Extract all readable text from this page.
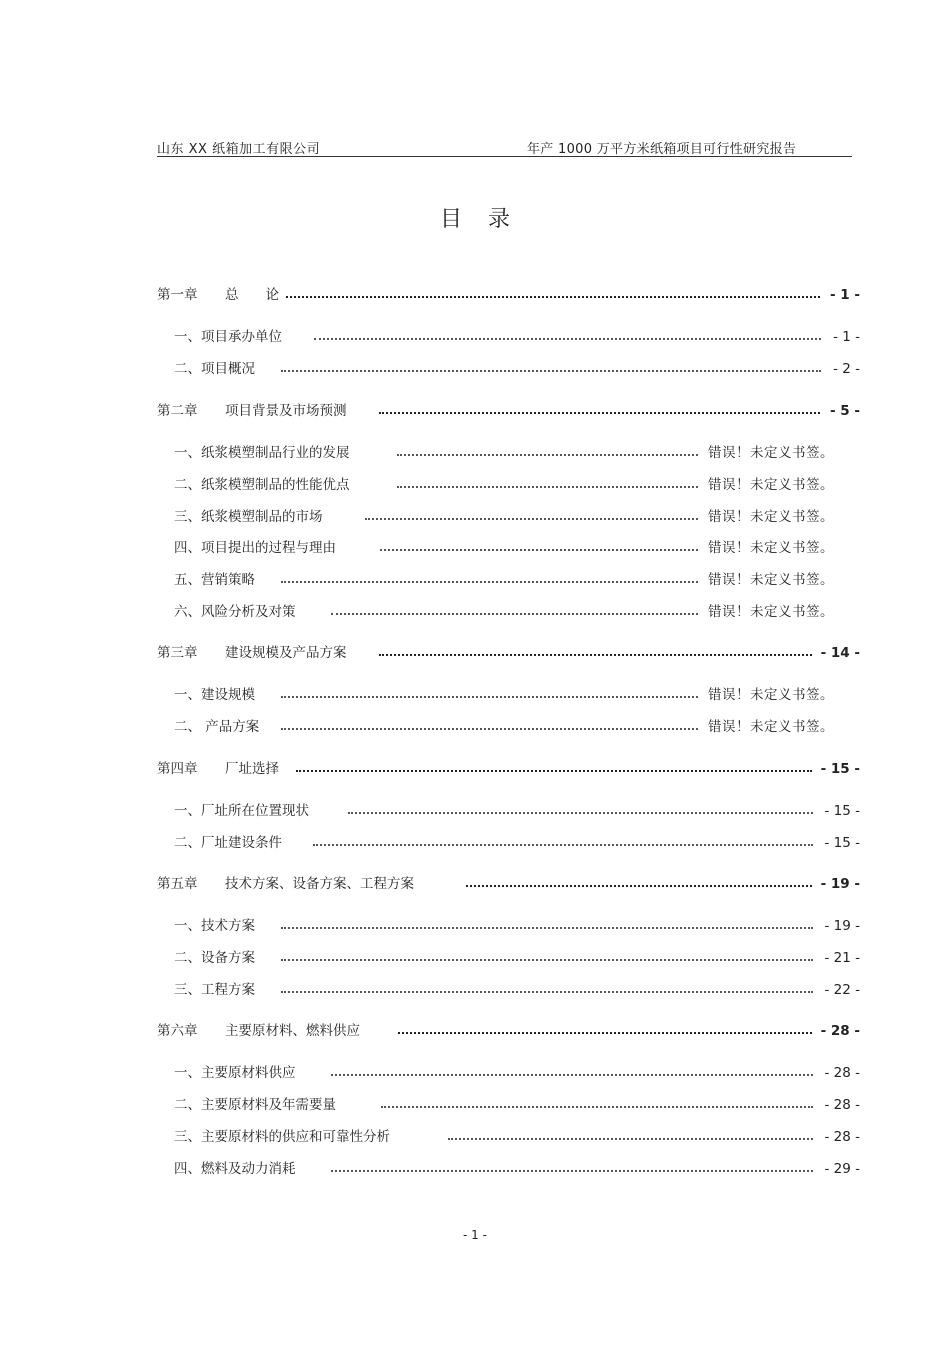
山东 XX 纸箱加工有限公司	年产 1000 万平方米纸箱项目可行性研究报告
目录
第一章 总　　论	- 1 -
一、项目承办单位	- 1 -
二、项目概况	- 2 -
第二章 项目背景及市场预测	- 5 -
一、纸浆模塑制品行业的发展	错误！未定义书签。
二、纸浆模塑制品的性能优点	错误！未定义书签。
三、纸浆模塑制品的市场	错误！未定义书签。
四、项目提出的过程与理由	错误！未定义书签。
五、营销策略	错误！未定义书签。
六、风险分析及对策	错误！未定义书签。
第三章 建设规模及产品方案	- 14 -
一、建设规模	错误！未定义书签。
二、 产品方案	错误！未定义书签。
第四章 厂址选择	- 15 -
一、厂址所在位置现状	- 15 -
二、厂址建设条件	- 15 -
第五章 技术方案、设备方案、工程方案	- 19 -
一、技术方案	- 19 -
二、设备方案	- 21 -
三、工程方案	- 22 -
第六章 主要原材料、燃料供应	- 28 -
一、主要原材料供应	- 28 -
二、主要原材料及年需要量	- 28 -
三、主要原材料的供应和可靠性分析	- 28 -
四、燃料及动力消耗	- 29 -
- 1 -
